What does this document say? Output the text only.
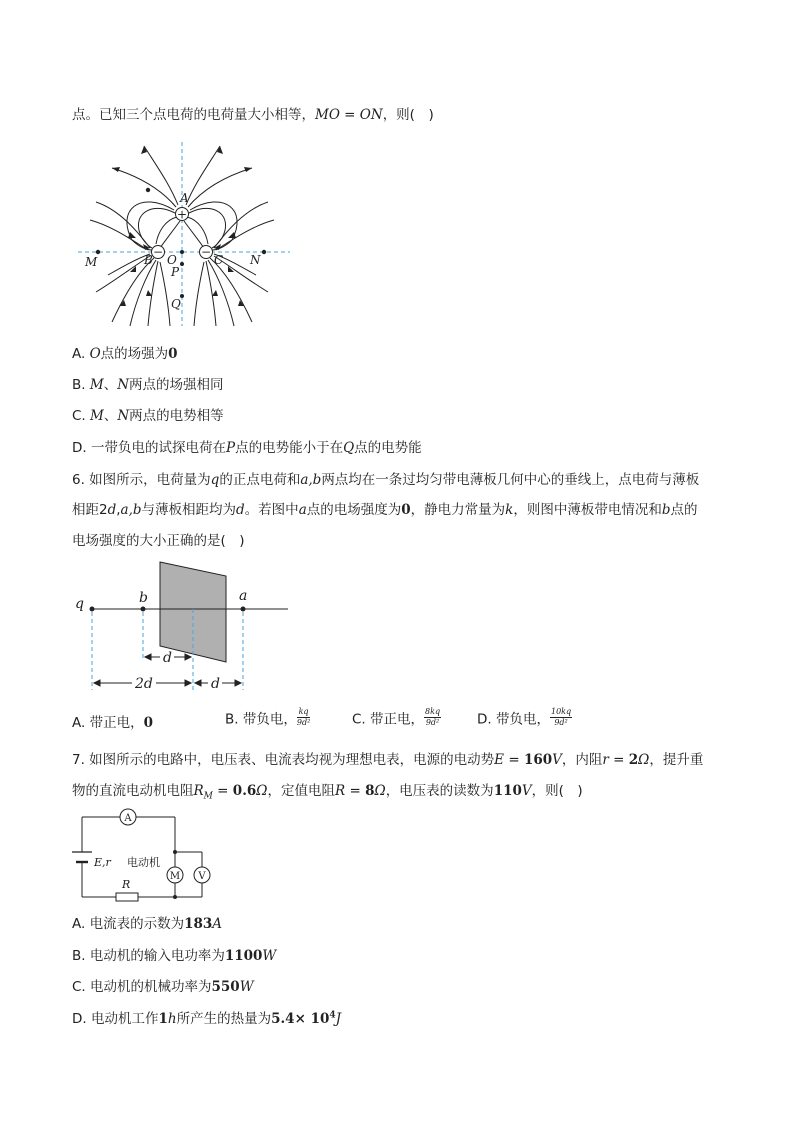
点。已知三个点电荷的电荷量大小相等，MO = ON，则(　)
+
−	−
A
B	C
O
P
Q
M	N
A. O点的场强为0
B. M、N两点的场强相同
C. M、N两点的电势相等
D. 一带负电的试探电荷在P点的电势能小于在Q点的电势能
6. 如图所示，电荷量为q的正点电荷和a,b两点均在一条过均匀带电薄板几何中心的垂线上，点电荷与薄板
相距2d,a,b与薄板相距均为d。若图中a点的电场强度为0，静电力常量为k，则图中薄板带电情况和b点的
电场强度的大小正确的是(　)
q	b	a
d
2d	d
A. 带正电，0	B. 带负电， $\frac{kq}{\text{9d²}}$	C. 带正电， $\frac{8kq}{\text{9d²}}$	D. 带负电， $\frac{10kq}{\text{9d²}}$
7. 如图所示的电路中，电压表、电流表均视为理想电表，电源的电动势E = 160V，内阻r = 2Ω，提升重
物的直流电动机电阻$R_M = 0.6\Omega$，定值电阻R = 8Ω，电压表的读数为110V，则(　)
A
M V
E,r 电动机
R
A. 电流表的示数为183A
B. 电动机的输入电功率为1100W
C. 电动机的机械功率为550W
D. 电动机工作1h所产生的热量为$5.4\times 10^4J$
